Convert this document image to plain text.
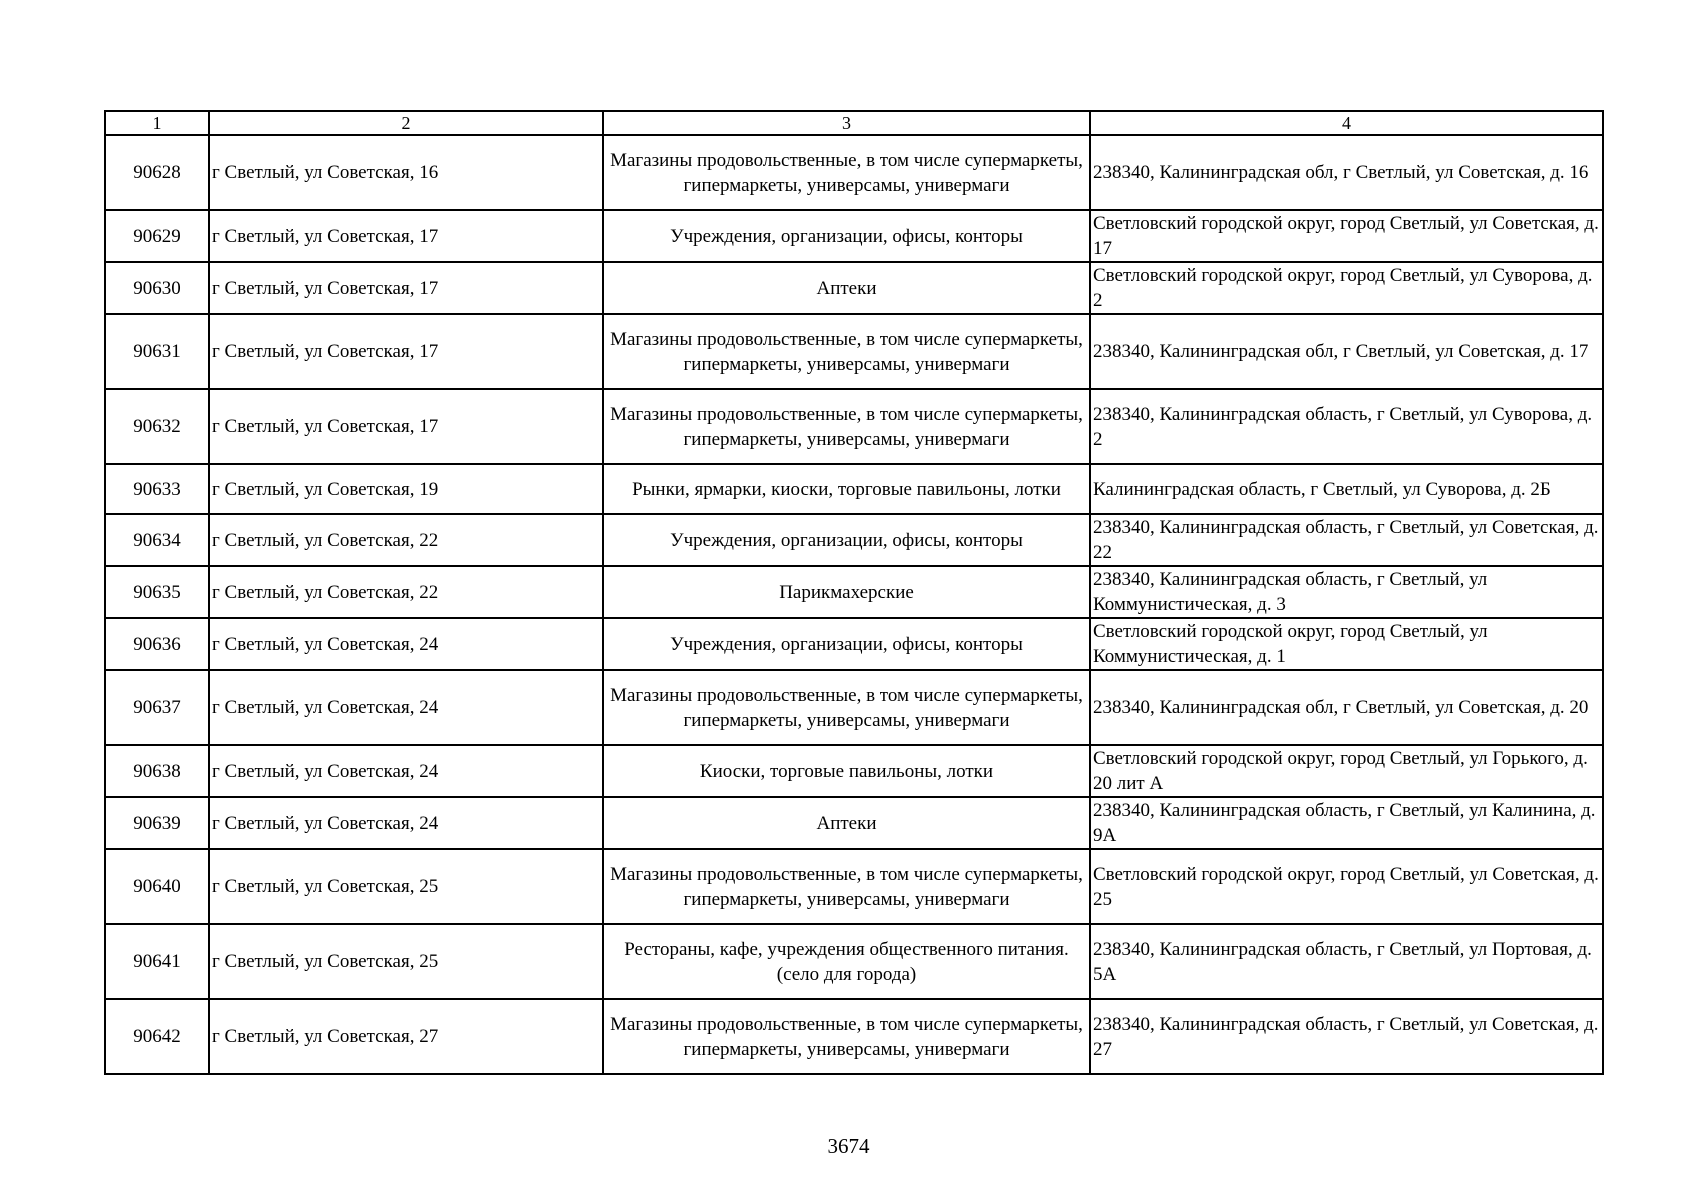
1	2	3	4
90628	г Светлый, ул Советская, 16	Магазины продовольственные, в том числе супермаркеты, гипермаркеты, универсамы, универмаги	238340, Калининградская обл, г Светлый, ул Советская, д. 16
90629	г Светлый, ул Советская, 17	Учреждения, организации, офисы, конторы	Светловский городской округ, город Светлый, ул Советская, д. 17
90630	г Светлый, ул Советская, 17	Аптеки	Светловский городской округ, город Светлый, ул Суворова, д. 2
90631	г Светлый, ул Советская, 17	Магазины продовольственные, в том числе супермаркеты, гипермаркеты, универсамы, универмаги	238340, Калининградская обл, г Светлый, ул Советская, д. 17
90632	г Светлый, ул Советская, 17	Магазины продовольственные, в том числе супермаркеты, гипермаркеты, универсамы, универмаги	238340, Калининградская область, г Светлый, ул Суворова, д. 2
90633	г Светлый, ул Советская, 19	Рынки, ярмарки, киоски, торговые павильоны, лотки	Калининградская область, г Светлый, ул Суворова, д. 2Б
90634	г Светлый, ул Советская, 22	Учреждения, организации, офисы, конторы	238340, Калининградская область, г Светлый, ул Советская, д. 22
90635	г Светлый, ул Советская, 22	Парикмахерские	238340, Калининградская область, г Светлый, ул Коммунистическая, д. 3
90636	г Светлый, ул Советская, 24	Учреждения, организации, офисы, конторы	Светловский городской округ, город Светлый, ул Коммунистическая, д. 1
90637	г Светлый, ул Советская, 24	Магазины продовольственные, в том числе супермаркеты, гипермаркеты, универсамы, универмаги	238340, Калининградская обл, г Светлый, ул Советская, д. 20
90638	г Светлый, ул Советская, 24	Киоски, торговые павильоны, лотки	Светловский городской округ, город Светлый, ул Горького, д. 20 лит А
90639	г Светлый, ул Советская, 24	Аптеки	238340, Калининградская область, г Светлый, ул Калинина, д. 9А
90640	г Светлый, ул Советская, 25	Магазины продовольственные, в том числе супермаркеты, гипермаркеты, универсамы, универмаги	Светловский городской округ, город Светлый, ул Советская, д. 25
90641	г Светлый, ул Советская, 25	Рестораны, кафе, учреждения общественного питания. (село для города)	238340, Калининградская область, г Светлый, ул Портовая, д. 5А
90642	г Светлый, ул Советская, 27	Магазины продовольственные, в том числе супермаркеты, гипермаркеты, универсамы, универмаги	238340, Калининградская область, г Светлый, ул Советская, д. 27
3674
